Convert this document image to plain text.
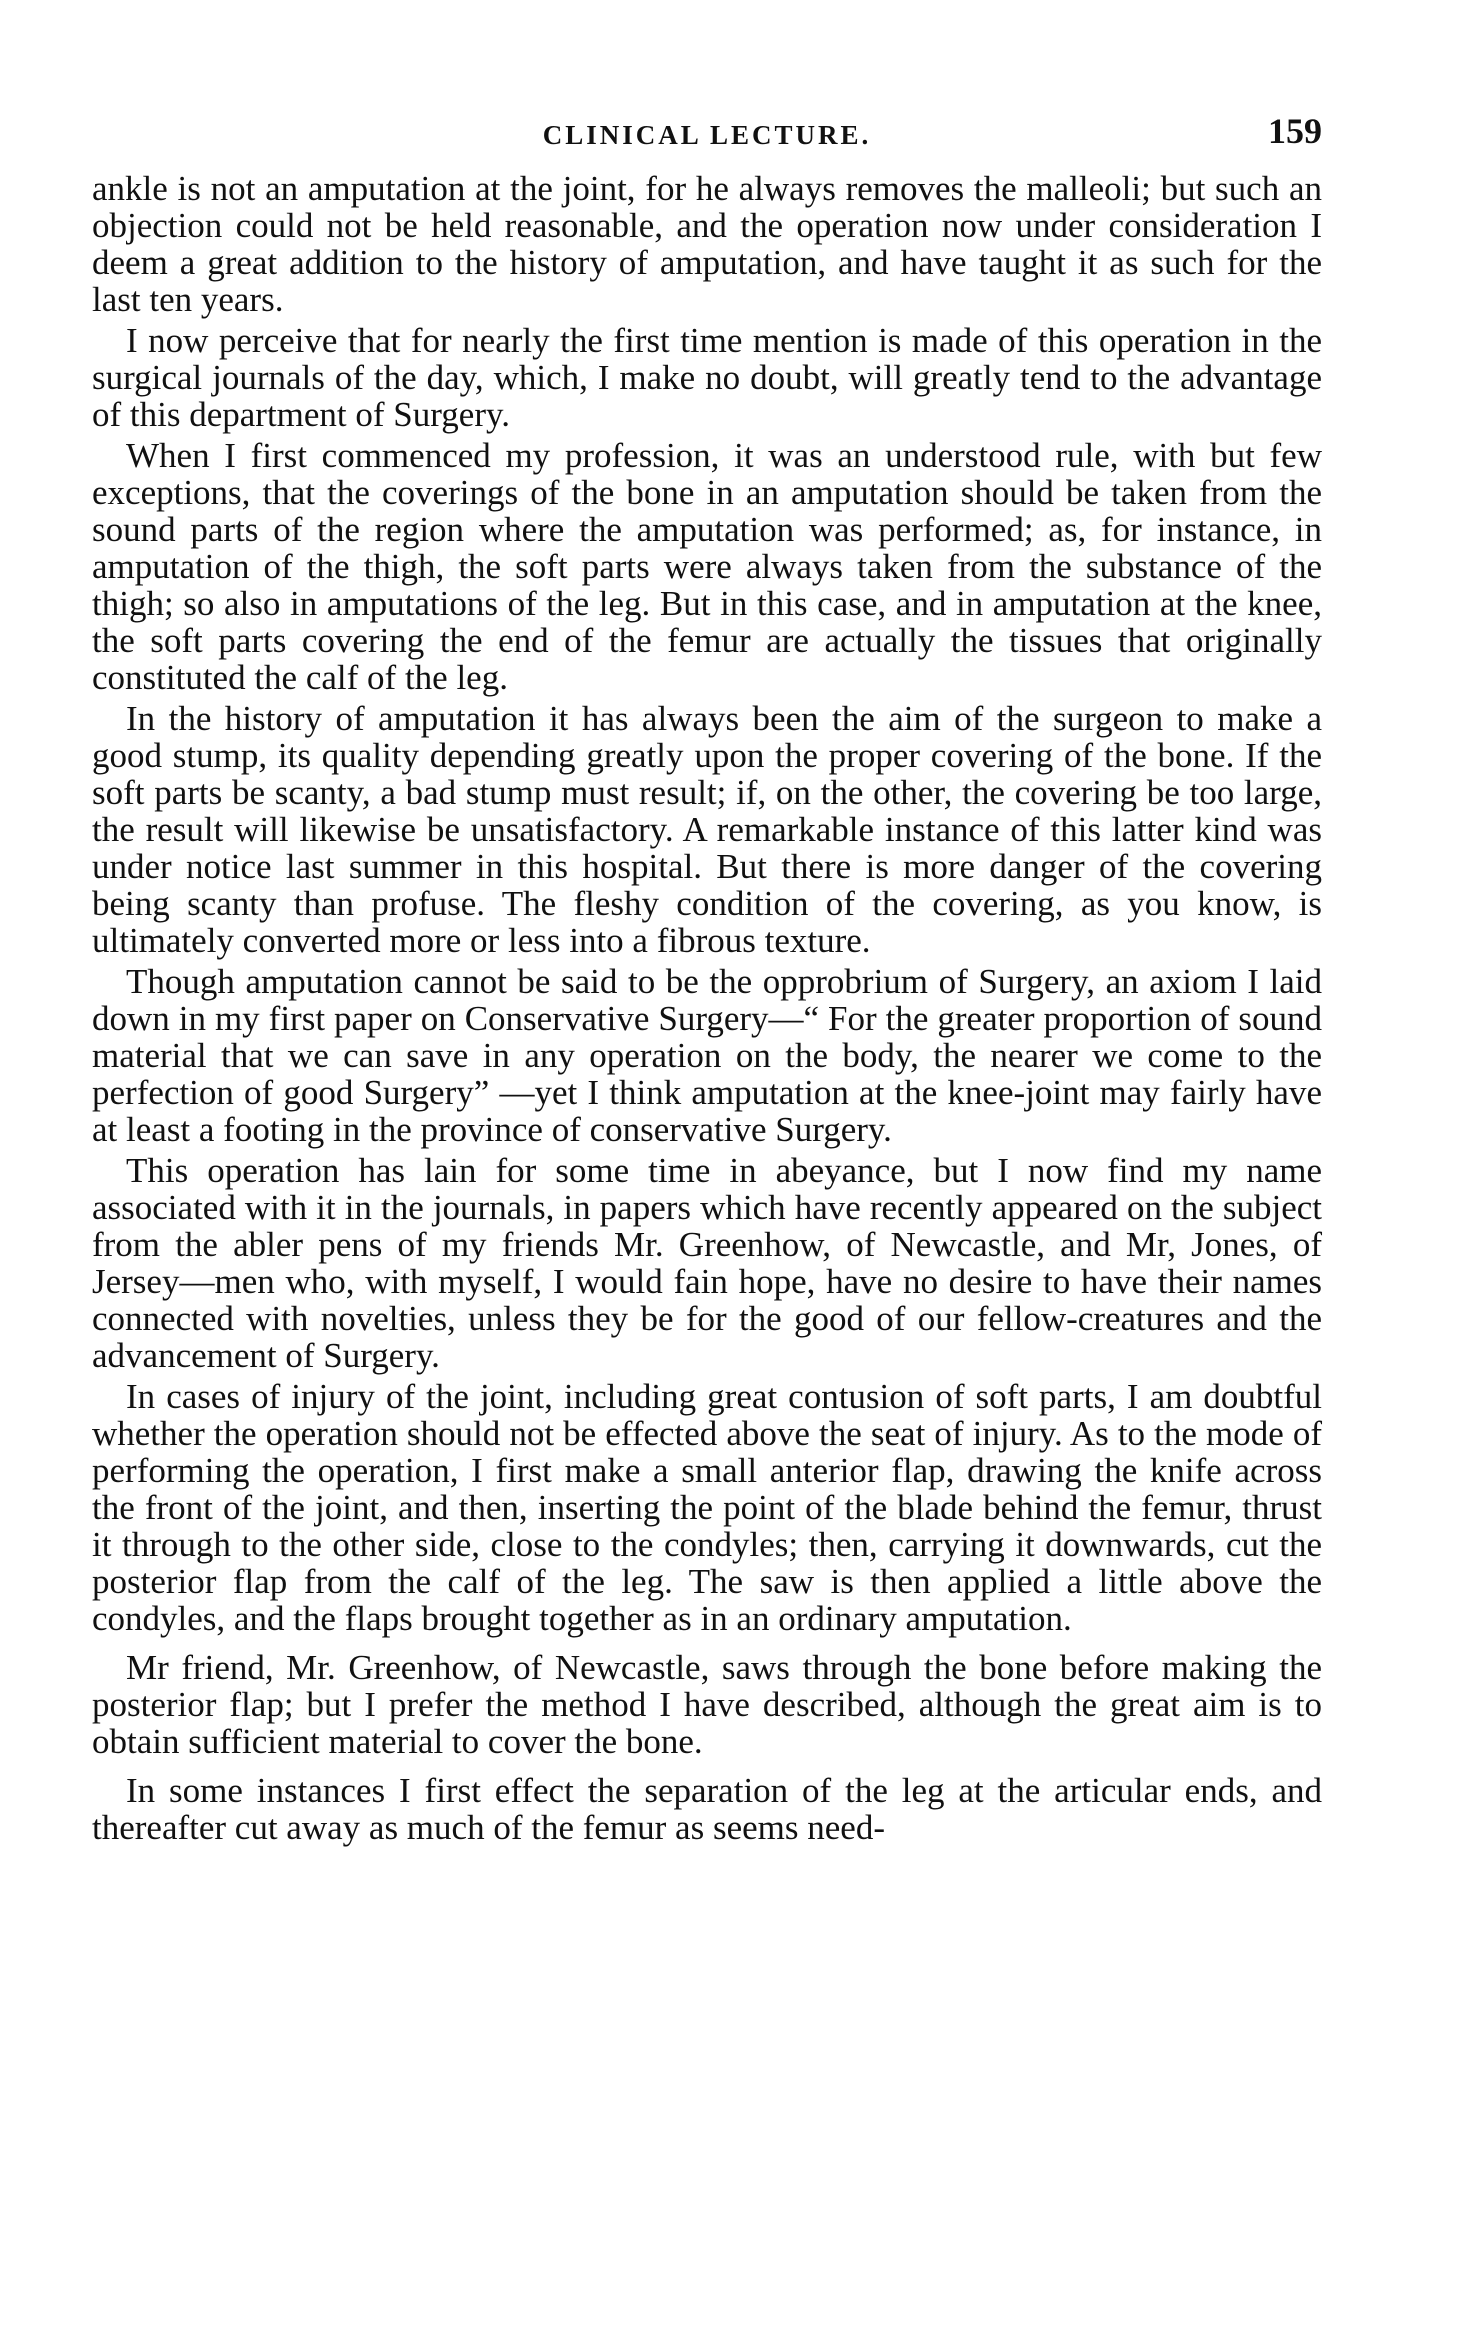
CLINICAL LECTURE.	159

ankle is not an amputation at the joint, for he always removes the malleoli; but such an objection could not be held reasonable, and the operation now under consideration I deem a great addition to the history of amputation, and have taught it as such for the last ten years.

I now perceive that for nearly the first time mention is made of this operation in the surgical journals of the day, which, I make no doubt, will greatly tend to the advantage of this department of Surgery.

When I first commenced my profession, it was an understood rule, with but few exceptions, that the coverings of the bone in an amputation should be taken from the sound parts of the region where the amputation was performed; as, for instance, in amputation of the thigh, the soft parts were always taken from the substance of the thigh; so also in amputations of the leg. But in this case, and in amputation at the knee, the soft parts covering the end of the femur are actually the tissues that originally constituted the calf of the leg.

In the history of amputation it has always been the aim of the surgeon to make a good stump, its quality depending greatly upon the proper covering of the bone. If the soft parts be scanty, a bad stump must result; if, on the other, the covering be too large, the result will likewise be unsatisfactory. A remarkable instance of this latter kind was under notice last summer in this hospital. But there is more danger of the covering being scanty than profuse. The fleshy condition of the covering, as you know, is ultimately converted more or less into a fibrous texture.

Though amputation cannot be said to be the opprobrium of Surgery, an axiom I laid down in my first paper on Conservative Surgery—“ For the greater proportion of sound material that we can save in any operation on the body, the nearer we come to the perfection of good Surgery” —yet I think amputation at the knee-joint may fairly have at least a footing in the province of conservative Surgery.

This operation has lain for some time in abeyance, but I now find my name associated with it in the journals, in papers which have recently appeared on the subject from the abler pens of my friends Mr. Greenhow, of Newcastle, and Mr, Jones, of Jersey—men who, with myself, I would fain hope, have no desire to have their names connected with novelties, unless they be for the good of our fellow-creatures and the advancement of Surgery.

In cases of injury of the joint, including great contusion of soft parts, I am doubtful whether the operation should not be effected above the seat of injury. As to the mode of performing the operation, I first make a small anterior flap, drawing the knife across the front of the joint, and then, inserting the point of the blade behind the femur, thrust it through to the other side, close to the condyles; then, carrying it downwards, cut the posterior flap from the calf of the leg. The saw is then applied a little above the condyles, and the flaps brought together as in an ordinary amputation.

Mr friend, Mr. Greenhow, of Newcastle, saws through the bone before making the posterior flap; but I prefer the method I have described, although the great aim is to obtain sufficient material to cover the bone.

In some instances I first effect the separation of the leg at the articular ends, and thereafter cut away as much of the femur as seems need-
